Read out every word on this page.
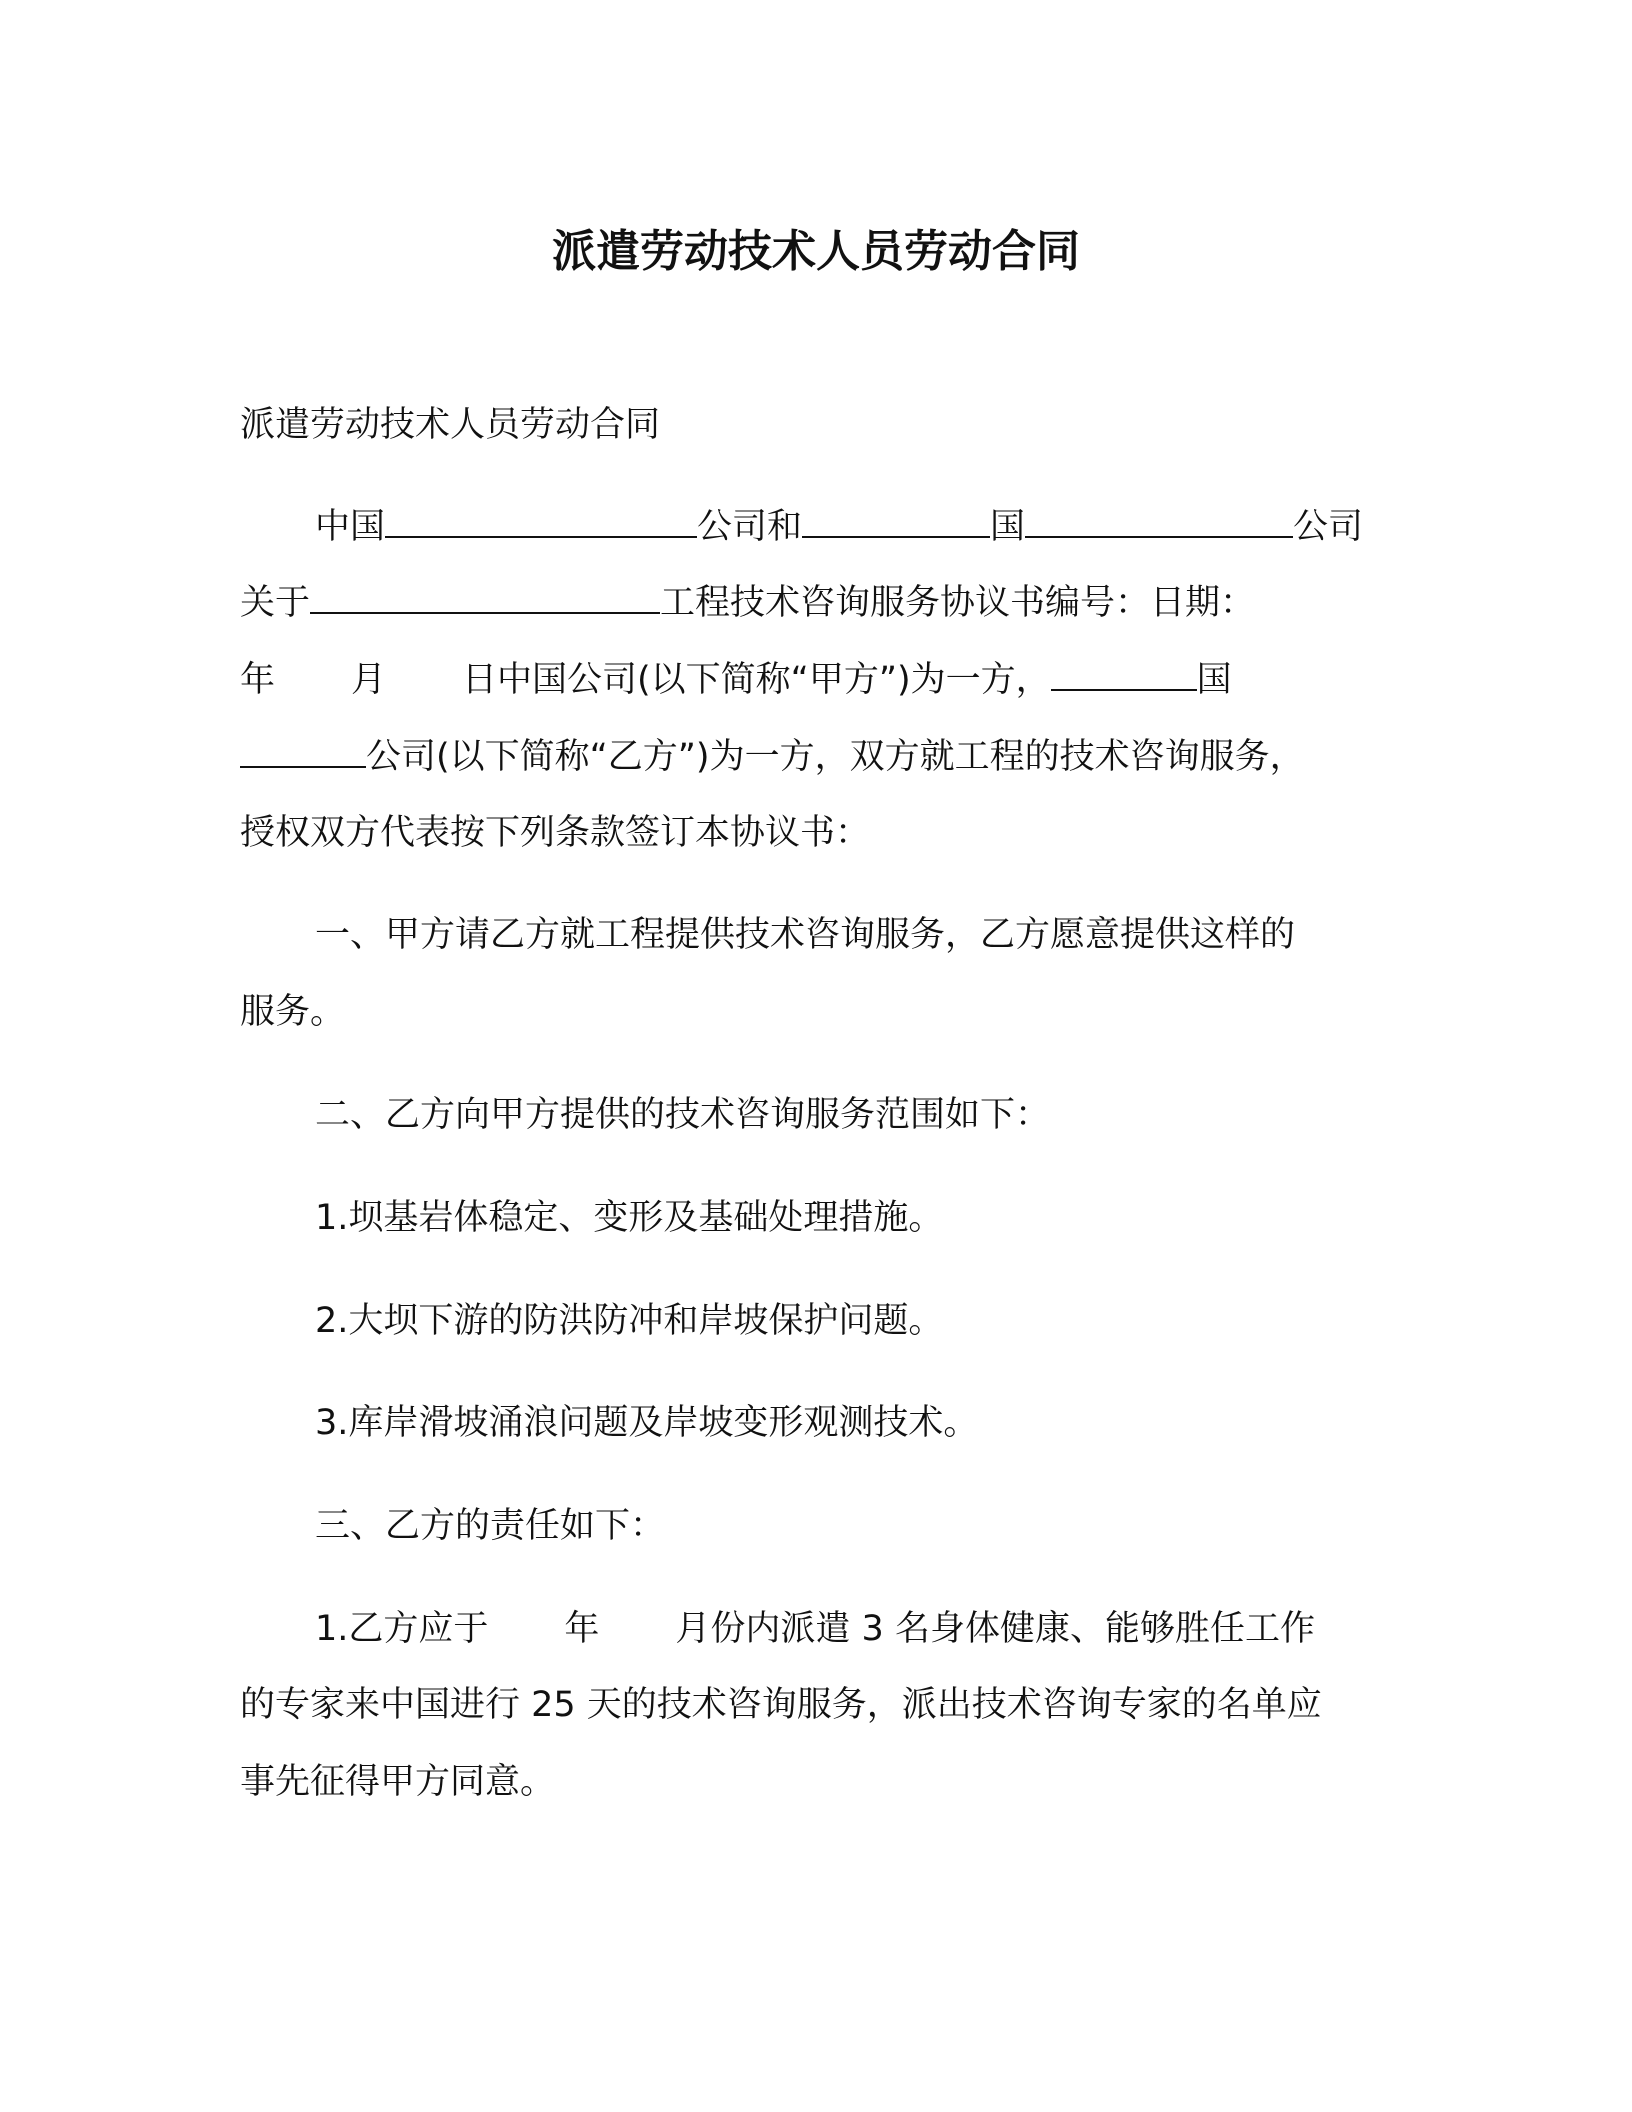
派遣劳动技术人员劳动合同
派遣劳动技术人员劳动合同
中国	公司和	国	公司
关于	工程技术咨询服务协议书编号：日期：
年 月 日中国公司(以下简称“甲方”)为一方，	国
公司(以下简称“乙方”)为一方，双方就工程的技术咨询服务，
授权双方代表按下列条款签订本协议书：
一、甲方请乙方就工程提供技术咨询服务，乙方愿意提供这样的
服务。
二、乙方向甲方提供的技术咨询服务范围如下：
1.坝基岩体稳定、变形及基础处理措施。
2.大坝下游的防洪防冲和岸坡保护问题。
3.库岸滑坡涌浪问题及岸坡变形观测技术。
三、乙方的责任如下：
1.乙方应于 年 月份内派遣 3 名身体健康、能够胜任工作
的专家来中国进行 25 天的技术咨询服务，派出技术咨询专家的名单应
事先征得甲方同意。
